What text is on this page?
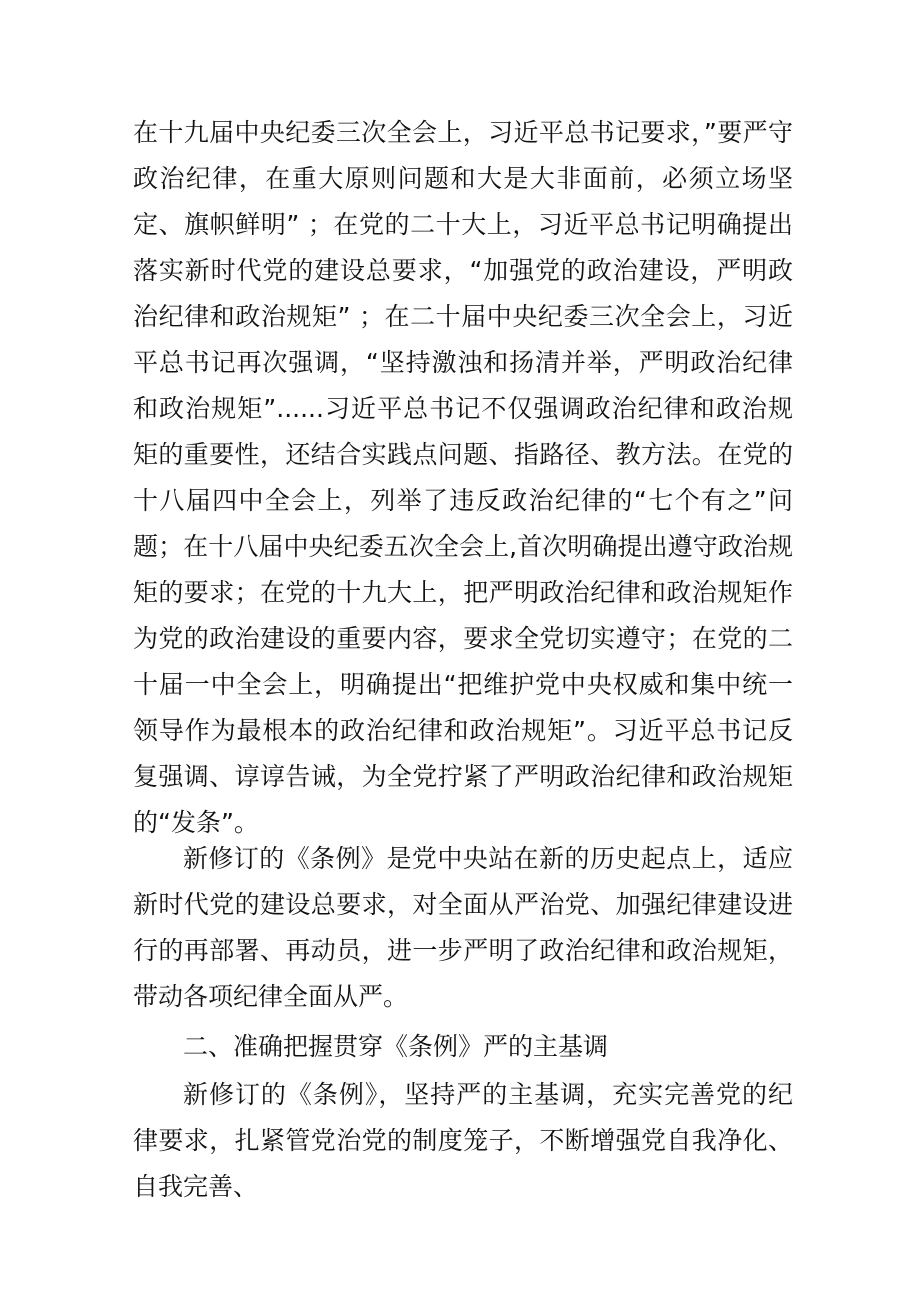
在十九届中央纪委三次全会上，习近平总书记要求，”要严守政治纪律，在重大原则问题和大是大非面前，必须立场坚定、旗帜鲜明” ；在党的二十大上，习近平总书记明确提出落实新时代党的建设总要求，“加强党的政治建设，严明政治纪律和政治规矩” ；在二十届中央纪委三次全会上，习近平总书记再次强调，“坚持激浊和扬清并举，严明政治纪律和政治规矩”......习近平总书记不仅强调政治纪律和政治规矩的重要性，还结合实践点问题、指路径、教方法。在党的十八届四中全会上，列举了违反政治纪律的“七个有之”问题；在十八届中央纪委五次全会上,首次明确提出遵守政治规矩的要求；在党的十九大上，把严明政治纪律和政治规矩作为党的政治建设的重要内容，要求全党切实遵守；在党的二十届一中全会上，明确提出“把维护党中央权威和集中统一领导作为最根本的政治纪律和政治规矩”。习近平总书记反复强调、谆谆告诫，为全党拧紧了严明政治纪律和政治规矩的“发条”。

新修订的《条例》是党中央站在新的历史起点上，适应新时代党的建设总要求，对全面从严治党、加强纪律建设进行的再部署、再动员，进一步严明了政治纪律和政治规矩，带动各项纪律全面从严。

二、准确把握贯穿《条例》严的主基调

新修订的《条例》，坚持严的主基调，充实完善党的纪律要求，扎紧管党治党的制度笼子，不断增强党自我净化、自我完善、
